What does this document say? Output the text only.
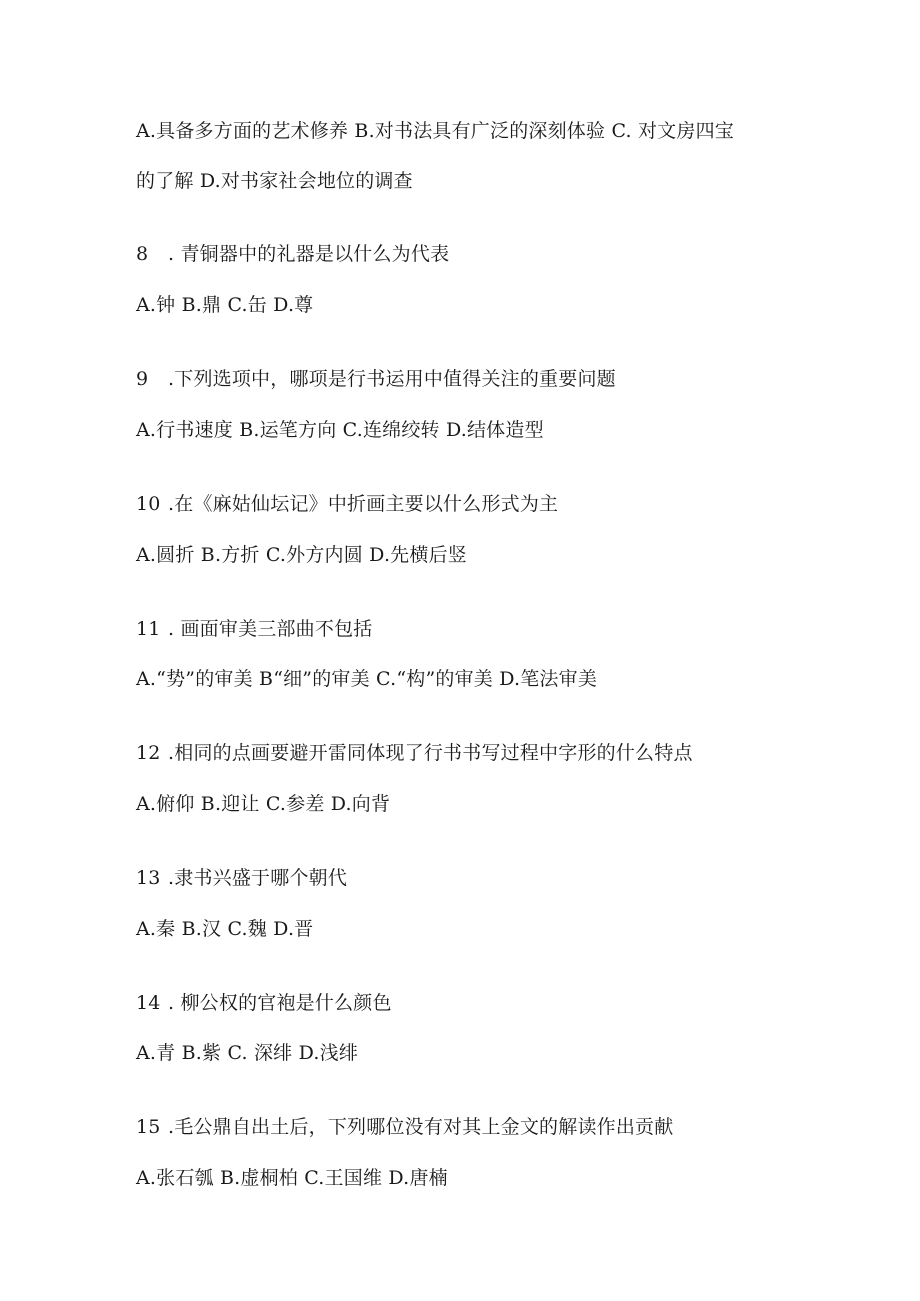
A.具备多方面的艺术修养 B.对书法具有广泛的深刻体验 C. 对文房四宝
的了解 D.对书家社会地位的调查
8 . 青铜器中的礼器是以什么为代表
A.钟 B.鼎 C.缶 D.尊
9 .下列选项中，哪项是行书运用中值得关注的重要问题
A.行书速度 B.运笔方向 C.连绵绞转 D.结体造型
10 .在《麻姑仙坛记》中折画主要以什么形式为主
A.圆折 B.方折 C.外方内圆 D.先横后竖
11 . 画面审美三部曲不包括
A.“势”的审美 B“细”的审美 C.“构”的审美 D.笔法审美
12 .相同的点画要避开雷同体现了行书书写过程中字形的什么特点
A.俯仰 B.迎让 C.参差 D.向背
13 .隶书兴盛于哪个朝代
A.秦 B.汉 C.魏 D.晋
14 . 柳公权的官袍是什么颜色
A.青 B.紫 C. 深绯 D.浅绯
15 .毛公鼎自出土后，下列哪位没有对其上金文的解读作出贡献
A.张石瓠 B.虚桐柏 C.王国维 D.唐楠
